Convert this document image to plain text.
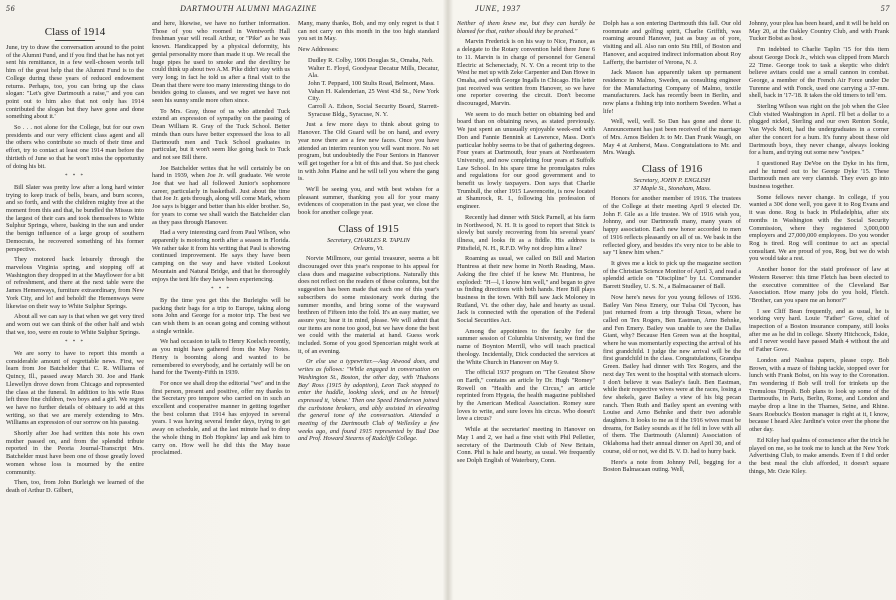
56	DARTMOUTH ALUMNI MAGAZINE
Class of 1914

June, try to draw the conversation around to the point of the Alumni Fund, and if you find that he has not yet sent his remittance, in a few well-chosen words tell him of the great help that the Alumni Fund is to the College during these years of reduced endowment returns. Perhaps, too, you can bring up the class slogan: "Let's give Dartmouth a raise," and you can point out to him also that not only has 1914 contributed the slogan but they have gone and done something about it.'

So . . . not alone for the College, but for our own presidents and our very efficient class agent and all the others who contribute so much of their time and effort, try to contact at least one 1914 man before the thirtieth of June so that he won't miss the opportunity of doing his bit.

* * *

Bill Slater was pretty low after a long hard winter trying to keep track of bells, bears, and burn scores, and so forth, and with the children mighty free at the moment from this and that, he bundled the Missus into the largest of their cars and took themselves to White Sulphur Springs, where, basking in the sun and under the benign influence of a large group of southern Democrats, he recovered something of his former perspective.

They motored back leisurely through the marvelous Virginia spring, and stopping off at Washington they dropped in at the Mayflower for a bit of refreshment, and there at the next table were the James Hemenways, furniture extraordinary, from New York City, and lo! and behold! the Hemenways were likewise on their way to White Sulphur Springs.

About all we can say is that when we get very tired and worn out we can think of the other half and wish that we, too, were en route to White Sulphur Springs.

* * *

We are sorry to have to report this month a considerable amount of regrettable news. First, we learn from Joe Batchelder that C. R. Williams of Quincy, Ill., passed away March 30. Joe and Hank Llewellyn drove down from Chicago and represented the class at the funeral. In addition to his wife Russ left three fine children, two boys and a girl. We regret we have no further details of obituary to add at this writing, so that we are merely extending to Mrs. Williams an expression of our sorrow on his passing.

Shortly after Joe had written this note his own mother passed on, and from the splendid tribute reported in the Peoria Journal-Transcript Mrs. Batchelder must have been one of those greatly loved women whose loss is mourned by the entire community.

Then, too, from John Burleigh we learned of the death of Arthur D. Gilbert,

and here, likewise, we have no further information. Those of you who roomed in Wentworth Hall freshman year will recall Arthur, or "Pike" as he was known. Handicapped by a physical deformity, his genial personality more than made it up. We recall the huge pipes he used to smoke and the devilitry he could think up about two A.M. Pike didn't stay with us very long; in fact he told us after a final visit to the Dean that there were too many interesting things to do besides going to classes, and we regret we have not seen his sunny smile more often since.

To Mrs. Gray, those of us who attended Tuck extend an expression of sympathy on the passing of Dean William R. Gray of the Tuck School. Better minds than ours have better expressed the loss to all Dartmouth men and Tuck School graduates in particular, but it won't seem like going back to Tuck and not see Bill there.

Joe Batchelder writes that he will certainly be on hand in 1939, when Joe Jr. will graduate. We wrote Joe that we had all followed Junior's sophomore career, particularly in basketball. Just about the time that Joe Jr. gets through, along will come Mark, whom Joe says is bigger and better than his elder brother. So, for years to come we shall watch the Batchelder clan as they pass through Hanover.

Had a very interesting card from Paul Wilson, who apparently is motoring north after a season in Florida. We rather take it from his writing that Paul is showing continued improvement. He says they have been camping on the way and have visited Lookout Mountain and Natural Bridge, and that he thoroughly enjoys the tent life they have been experiencing.

* * *

By the time you get this the Burleighs will be packing their bags for a trip to Europe, taking along sons John and George for a motor trip. The best we can wish them is an ocean going and coming without a single wrinkle.

We had occasion to talk to Henry Koelsch recently, as you might have gathered from the May Notes. Henry is booming along and wanted to be remembered to everybody, and he certainly will be on hand for the Twenty-Fifth in 1939.

For once we shall drop the editorial "we" and in the first person, present and positive, offer my thanks to the Secretary pro tempore who carried on in such an excellent and cooperative manner in getting together the best column that 1914 has enjoyed in several years. I was having several fender days, trying to get away on schedule, and at the last minute had to drop the whole thing in Bob Hopkins' lap and ask him to carry on. How well he did this the May issue proclaimed.

Many, many thanks, Bob, and my only regret is that I can not carry on this month in the too high standard you set in May.

New Addresses:

Dudley R. Colby, 1906 Douglas St., Omaha, Neb.

Walter E. Floyd, Goodyear Decatur Mills, Decatur, Ala.

John T. Peppard, 100 Stults Road, Belmont, Mass.

Vahan H. Kalenderian, 25 West 43d St., New York City.

Carroll A. Edson, Social Security Board, Starrett-Syracuse Bldg., Syracuse, N. Y.

Just a few more days to think about going to Hanover. The Old Guard will be on hand, and every year now there are a few new faces. Once you have attended an interim reunion you will want more. No set program, but undoubtedly the Four Seniors in Hanover will get together for a bit of this and that. So just check in with John Plaine and he will tell you where the gang is.

We'll be seeing you, and with best wishes for a pleasant summer, thanking you all for your many evidences of cooperation in the past year, we close the book for another college year.

Class of 1915

Secretary, CHARLES R. TAPLIN

Orleans, Vt.

Norvie Millmore, our genial treasurer, seems a bit discouraged over this year's response to his appeal for class dues and magazine subscriptions. Naturally this does not reflect on the readers of these columns, but the suggestion has been made that each one of this year's subscribers do some missionary work during the summer months, and bring some of the wayward brethren of Fifteen into the fold. It's an easy matter, we assure you; hear it in mind, please. We will admit that our items are none too good, but we have done the best we could with the material at hand. Guess work included. Some of you good Spencerian might work at it, of an evening.

Or else use a typewriter.—Aug Atwood does, and writes as follows: "While engaged in conversation on Washington St., Boston, the other day, with 'Hudsons Bay' Ross (1915 by adoption), Leon Tuck stopped to enter the huddle, looking sleek, and as he himself expressed it, 'obese.' Then one Speed Henderson joined the curbstone brokers, and ably assisted in elevating the general tone of the conversation. Attended a meeting of the Dartmouth Club of Wellesley a few weeks ago, and found 1915 represented by Bud Doe and Prof. Howard Stearns of Radcliffe College.

JUNE, 1937	57

Neither of them knew me, but they can hardly be blamed for that, rather should they be praised."

Marvin Frederick is on his way to Nice, France, as a delegate to the Rotary convention held there June 6 to 11. Marvin is in charge of personnel for General Electric at Schenectady, N. Y. On a recent trip to the West he met up with Zeke Carpenter and Dan Howe in Omaha, and with George Ingalls in Chicago. His letter just received was written from Hanover, so we have one reporter covering the circuit. Don't become discouraged, Marvin.

We seem to do much better on obtaining bed and board than on obtaining news, as stated previously. We just spent an unusually enjoyable week-end with Don and Fannie Bennink at Lawrence, Mass. Don's particular hobby seems to be that of gathering degrees. Four years at Dartmouth, four years at Northeastern University, and now completing four years at Suffolk Law School. In his spare time he promulgates rules and regulations for our good government and to benefit us lowly taxpayers. Don says that Charlie Trumbull, the other 1915 Lawrenceite, is now located at Shamrock, R. I., following his profession of engineer.

Recently had dinner with Stick Parnell, at his farm in Northwood, N. H. It is good to report that Stick is slowly but surely recovering from his several years' illness, and looks fit as a fiddle. His address is Pittsfield, N. H., R.F.D. Why not drop him a line?

Roaming as usual, we called on Bill and Marion Huntress at their new home in North Reading, Mass. Asking the fire chief if he knew Mr. Huntress, he exploded: "H—l, I know him well," and began to give us finding directions with both hands. Here Bill plays business in the town. With Bill saw Jack Moloney in Rutland, Vt. the other day, hale and hearty as usual. Jack is connected with the operation of the Federal Social Securities Act.

Among the appointees to the faculty for the summer session of Columbia University, we find the name of Boynton Merrill, who will teach practical theology. Incidentally, Dick conducted the services at the White Church in Hanover on May 9.

The official 1937 program on "The Greatest Show on Earth," contains an article by Dr. Hugh "Romey" Rowell on "Health and the Circus," an article reprinted from Hygeia, the health magazine published by the American Medical Association. Romey sure loves to write, and sure loves his circus. Who doesn't love a circus?

While at the secretaries' meeting in Hanover on May 1 and 2, we had a fine visit with Phil Pelletier, secretary of the Dartmouth Club of New Britain, Conn. Phil is hale and hearty, as usual. We frequently see Dolph English of Waterbury, Conn.

Dolph has a son entering Dartmouth this fall. Our old roommate and golfing spirit, Charlie Griffith, was roaming around Hanover, just as busy as of yore, visiting and all. Also ran onto Stu Hill, of Boston and Hanover, and acquired indirect information about Roy Lafferty, the barrister of Verona, N. J.

Jack Mason has apparently taken up permanent residence in Malmo, Sweden, as consulting engineer for the Manufacturing Company of Malmo, textile manufacturers. Jack has recently been in Berlin, and now plans a fishing trip into northern Sweden. What a life!

Well, well, well. So Dan has gone and done it. Announcement has just been received of the marriage of Mrs. Amos Belden Jr. to Mr. Dan Frank Waugh, on May 4 at Amherst, Mass. Congratulations to Mr. and Mrs. Waugh.

Class of 1916

Secretary, JOHN P. ENGLISH

37 Maple St., Stoneham, Mass.

Honors for another member of 1916. The trustees of the College at their meeting April 9 elected Dr. John F. Gile as a life trustee. We of 1916 wish you, Johnny, and our Dartmouth many, many years of happy association. Each new honor accorded to men of 1916 reflects pleasantly on all of us. We bask in the reflected glory, and besides it's very nice to be able to say "I knew him when."

It gives me a kick to pick up the magazine section of the Christian Science Monitor of April 3, and read a splendid article on "Discipline" by Lt. Commander Barrett Studley, U. S. N., a Balmacaaner of Ball.

Now here's news for you young fellows of 1936. Bailey Van Ness Emery, our Tulsa Oil Tycoon, has just returned from a trip through Texas, where he called on Tex Rogers, Ben Eastman, Arno Behnke, and Fen Emery. Bailey was unable to see the Dallas Giant, why? Because Hen Green was at the hospital, where he was momentarily expecting the arrival of his first grandchild. I judge the new arrival will be the first grandchild in the class. Congratulations, Grandpa Green. Bailey had dinner with Tex Rogers, and the next day Tex went to the hospital with stomach ulcers. I don't believe it was Bailey's fault. Ben Eastman, while their respective wives were at the races, losing a few shekels, gave Bailey a view of his big pecan ranch. Then Ruth and Bailey spent an evening with Louise and Arno Behnke and their two adorable daughters. It looks to me as if the 1916 wives must be dreams, for Bailey sounds as if he fell in love with all of them. The Dartmouth (Alumni) Association of Oklahoma had their annual dinner on April 30, and of course, old or not, we did B. V. D. had to hurry back.

Here's a note from Johnny Pell, begging for a Boston Balmacaan outing. Well,

Johnny, your plea has been heard, and it will be held on May 20, at the Oakley Country Club, and with Frank Tucker Bobst as host.

I'm indebted to Charlie Taplin '15 for this item about George Dock Jr., which was clipped from March 22 Time. George took to task a skeptic who didn't believe avitars could use a small cannon in combat. George, a member of the French Air Force under De Turenne and with Fonck, used one carrying a 37-mm. shell, back in '17-'18. It takes the old timers to tell 'em.

Sterling Wilson was right on the job when the Glee Club visited Washington in April. I'll bet a dollar to a plugged nickel, Sterling and our own Renton Soule, Van Wyck Mott, had the undergraduates in a corner after the concert for a hum. It's funny about these old Dartmouth boys, they never change, always looking for a hum, and trying out some new "swipes."

I questioned Ray DeVoe on the Dyke in his firm, and he turned out to be George Dyke '15. These Dartmouth men are very clannish. They even go into business together.

Some fellows never change. In college, if you wanted a 30¢ done well, you gave it to Rog Evans and it was done. Rog is back in Philadelphia, after six months in Washington with the Social Security Commission, where they registered 3,000,000 employers and 27,000,000 employees. Do you wonder Rog is tired. Rog will continue to act as special consultant. We are proud of you, Rog, but we do wish you would take a rest.

Another honor for the staid professor of law at Western Reserve: this time Fletch has been elected to the executive committee of the Cleveland Bar Association. How many jobs do you hold, Fletch. "Brother, can you spare me an honor?"

I see Cliff Bean frequently, and as usual, he is working very hard. Louie "Father" Gove, chief of inspection of a Boston insurance company, still looks after me as he did in college. Shorty Hitchcock, Eskie, and I never would have passed Math 4 without the aid of Father Gove.

London and Nashua papers, please copy. Bob Brown, with a maze of fishing tackle, stopped over for lunch with Frank Bobst, on his way to the Coronation. I'm wondering if Bob will troll for trinkets up the Tremulous Tripoli. Bob plans to look up some of the Dartmouths, in Paris, Berlin, Rome, and London and maybe drop a line in the Thames, Seine, and Rhine. Sears Roebuck's Boston manager is right at it, I know, because I heard Alec Jardine's voice over the phone the other day.

Ed Kiley had qualms of conscience after the trick he played on me, so he took me to lunch at the New York Advertising Club, to make amends. Even if I did order the best meal the club afforded, it doesn't square things, Mr. Ozie Kiley.
